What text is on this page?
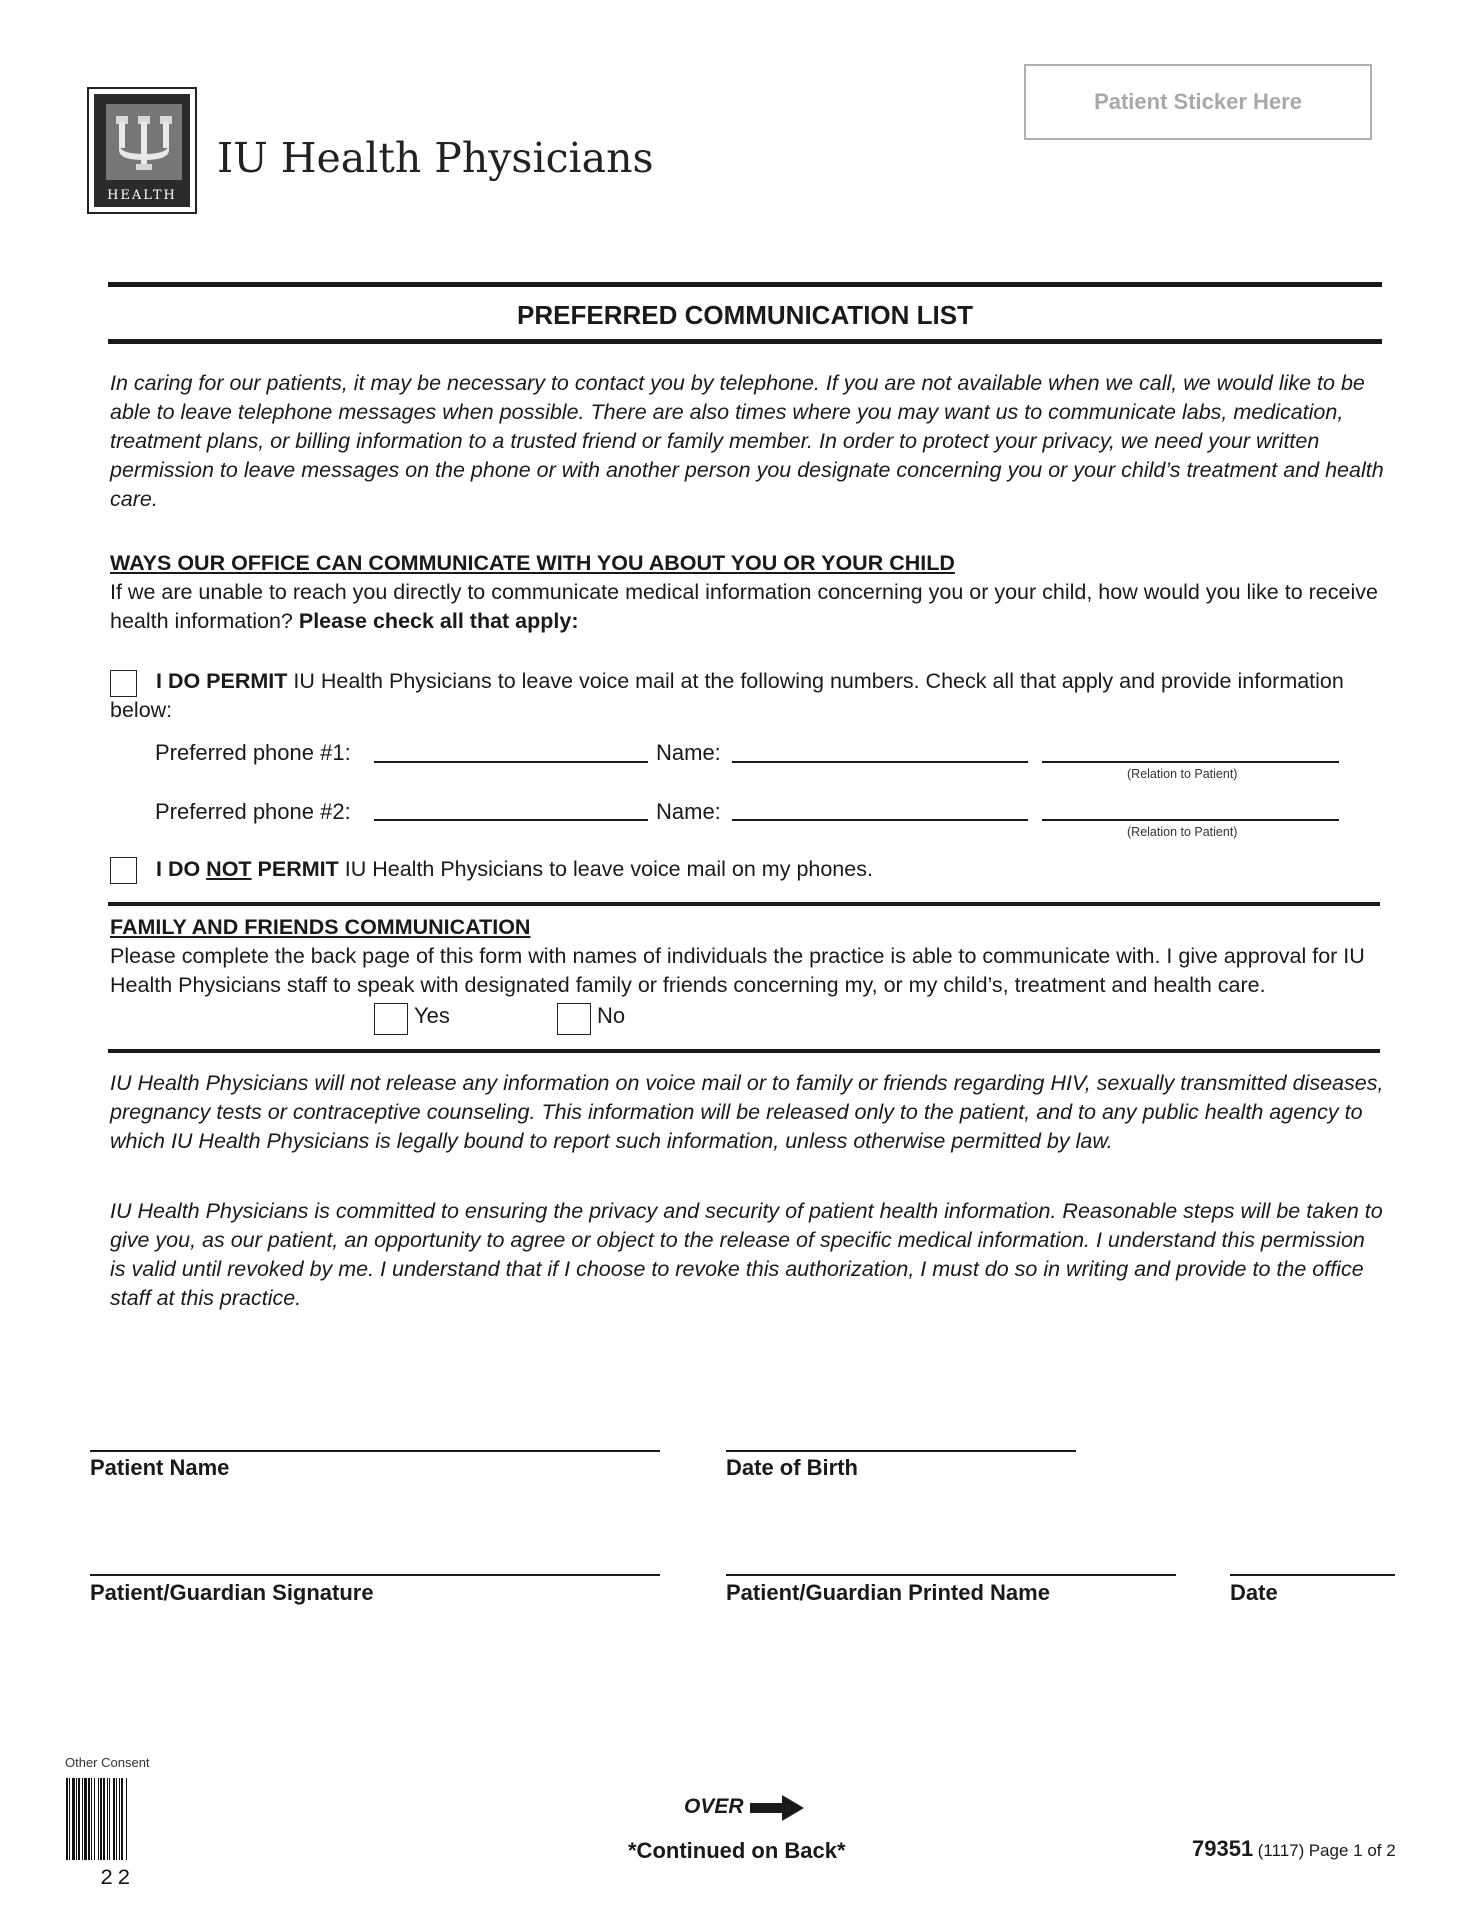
HEALTH
IU Health Physicians
Patient Sticker Here
PREFERRED COMMUNICATION LIST
In caring for our patients, it may be necessary to contact you by telephone. If you are not available when we call, we would like to be able to leave telephone messages when possible. There are also times where you may want us to communicate labs, medication, treatment plans, or billing information to a trusted friend or family member. In order to protect your privacy, we need your written permission to leave messages on the phone or with another person you designate concerning you or your child’s treatment and health care.
WAYS OUR OFFICE CAN COMMUNICATE WITH YOU ABOUT YOU OR YOUR CHILD
If we are unable to reach you directly to communicate medical information concerning you or your child, how would you like to receive health information? Please check all that apply:
I DO PERMIT IU Health Physicians to leave voice mail at the following numbers. Check all that apply and provide information below:
Preferred phone #1:	Name:
(Relation to Patient)
Preferred phone #2:	Name:
(Relation to Patient)
I DO NOT PERMIT IU Health Physicians to leave voice mail on my phones.
FAMILY AND FRIENDS COMMUNICATION
Please complete the back page of this form with names of individuals the practice is able to communicate with. I give approval for IU Health Physicians staff to speak with designated family or friends concerning my, or my child’s, treatment and health care.
Yes	No
IU Health Physicians will not release any information on voice mail or to family or friends regarding HIV, sexually transmitted diseases, pregnancy tests or contraceptive counseling. This information will be released only to the patient, and to any public health agency to which IU Health Physicians is legally bound to report such information, unless otherwise permitted by law.
IU Health Physicians is committed to ensuring the privacy and security of patient health information. Reasonable steps will be taken to give you, as our patient, an opportunity to agree or object to the release of specific medical information. I understand this permission is valid until revoked by me. I understand that if I choose to revoke this authorization, I must do so in writing and provide to the office staff at this practice.
Patient Name	Date of Birth
Patient/Guardian Signature	Patient/Guardian Printed Name	Date
Other Consent
22
OVER
*Continued on Back*	79351 (1117) Page 1 of 2
